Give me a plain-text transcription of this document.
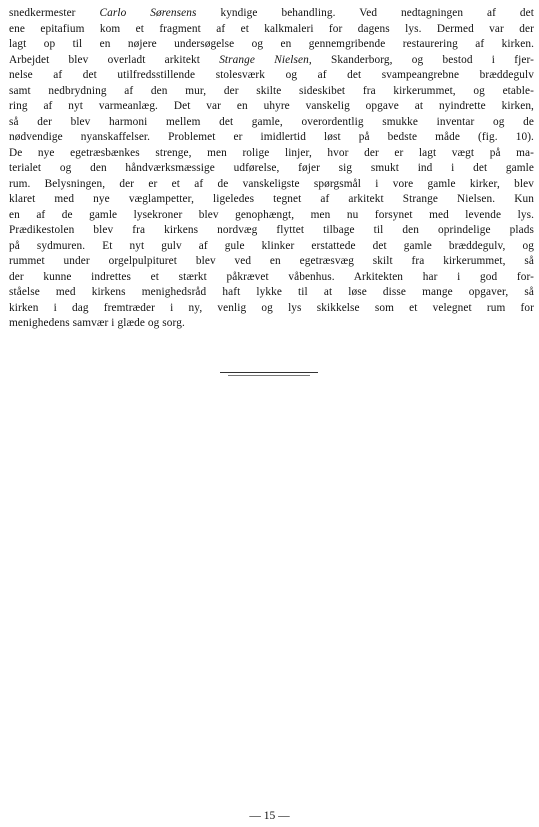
snedkermester Carlo Sørensens kyndige behandling. Ved nedtagningen af det
ene epitafium kom et fragment af et kalkmaleri for dagens lys. Dermed var der
lagt op til en nøjere undersøgelse og en gennemgribende restaurering af kirken.
Arbejdet blev overladt arkitekt Strange Nielsen, Skanderborg, og bestod i fjer-
nelse af det utilfredsstillende stolesværk og af det svampeangrebne bræddegulv
samt nedbrydning af den mur, der skilte sideskibet fra kirkerummet, og etable-
ring af nyt varmeanlæg. Det var en uhyre vanskelig opgave at nyindrette kirken,
så der blev harmoni mellem det gamle, overordentlig smukke inventar og de
nødvendige nyanskaffelser. Problemet er imidlertid løst på bedste måde (fig. 10).
De nye egetræsbænkes strenge, men rolige linjer, hvor der er lagt vægt på ma-
terialet og den håndværksmæssige udførelse, føjer sig smukt ind i det gamle
rum. Belysningen, der er et af de vanskeligste spørgsmål i vore gamle kirker, blev
klaret med nye væglampetter, ligeledes tegnet af arkitekt Strange Nielsen. Kun
en af de gamle lysekroner blev genophængt, men nu forsynet med levende lys.
Prædikestolen blev fra kirkens nordvæg flyttet tilbage til den oprindelige plads
på sydmuren. Et nyt gulv af gule klinker erstattede det gamle bræddegulv, og
rummet under orgelpulpituret blev ved en egetræsvæg skilt fra kirkerummet, så
der kunne indrettes et stærkt påkrævet våbenhus. Arkitekten har i god for-
ståelse med kirkens menighedsråd haft lykke til at løse disse mange opgaver, så
kirken i dag fremtræder i ny, venlig og lys skikkelse som et velegnet rum for
menighedens samvær i glæde og sorg.
— 15 —
